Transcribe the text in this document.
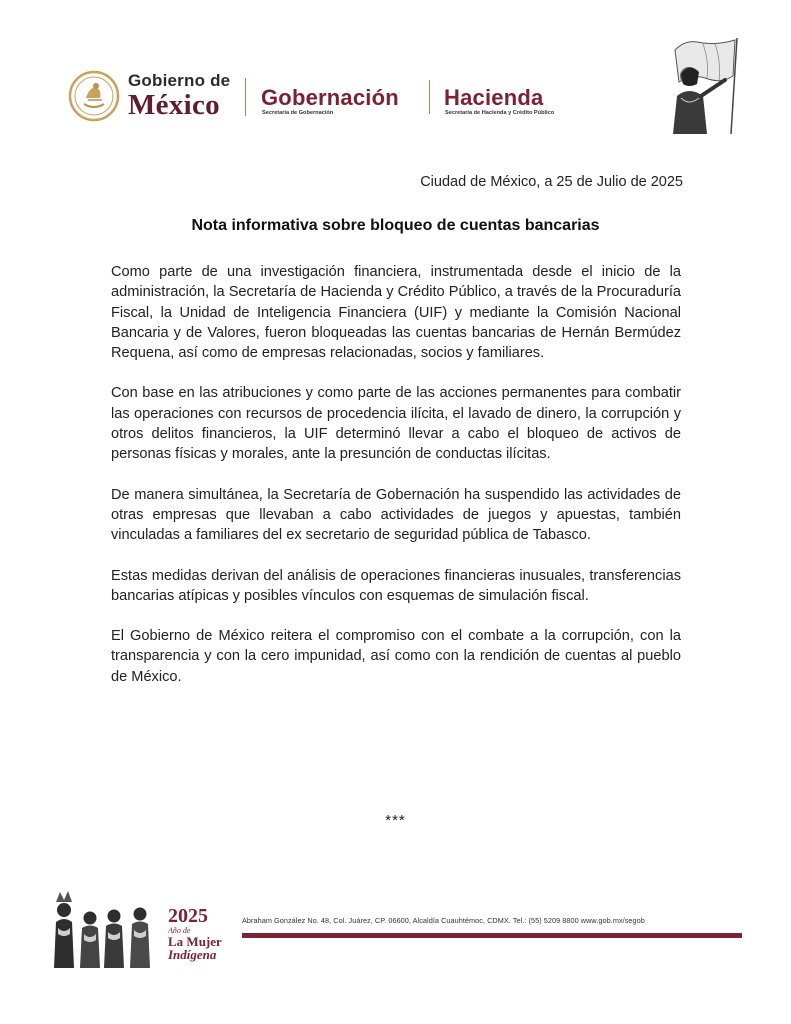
Gobierno de
México	Gobernación
Secretaría de Gobernación
Hacienda
Secretaría de Hacienda y Crédito Público
Ciudad de México, a 25 de Julio de 2025
Nota informativa sobre bloqueo de cuentas bancarias

Como parte de una investigación financiera, instrumentada desde el inicio de la administración, la Secretaría de Hacienda y Crédito Público, a través de la Procuraduría Fiscal, la Unidad de Inteligencia Financiera (UIF) y mediante la Comisión Nacional Bancaria y de Valores, fueron bloqueadas las cuentas bancarias de Hernán Bermúdez Requena, así como de empresas relacionadas, socios y familiares.

Con base en las atribuciones y como parte de las acciones permanentes para combatir las operaciones con recursos de procedencia ilícita, el lavado de dinero, la corrupción y otros delitos financieros, la UIF determinó llevar a cabo el bloqueo de activos de personas físicas y morales, ante la presunción de conductas ilícitas.

De manera simultánea, la Secretaría de Gobernación ha suspendido las actividades de otras empresas que llevaban a cabo actividades de juegos y apuestas, también vinculadas a familiares del ex secretario de seguridad pública de Tabasco.

Estas medidas derivan del análisis de operaciones financieras inusuales, transferencias bancarias atípicas y posibles vínculos con esquemas de simulación fiscal.

El Gobierno de México reitera el compromiso con el combate a la corrupción, con la transparencia y con la cero impunidad, así como con la rendición de cuentas al pueblo de México.

***
2025
Año de
La Mujer
Indígena
Abraham González No. 48, Col. Juárez, CP. 06600, Alcaldía Cuauhtémoc, CDMX. Tel.: (55) 5209 8800 www.gob.mx/segob
